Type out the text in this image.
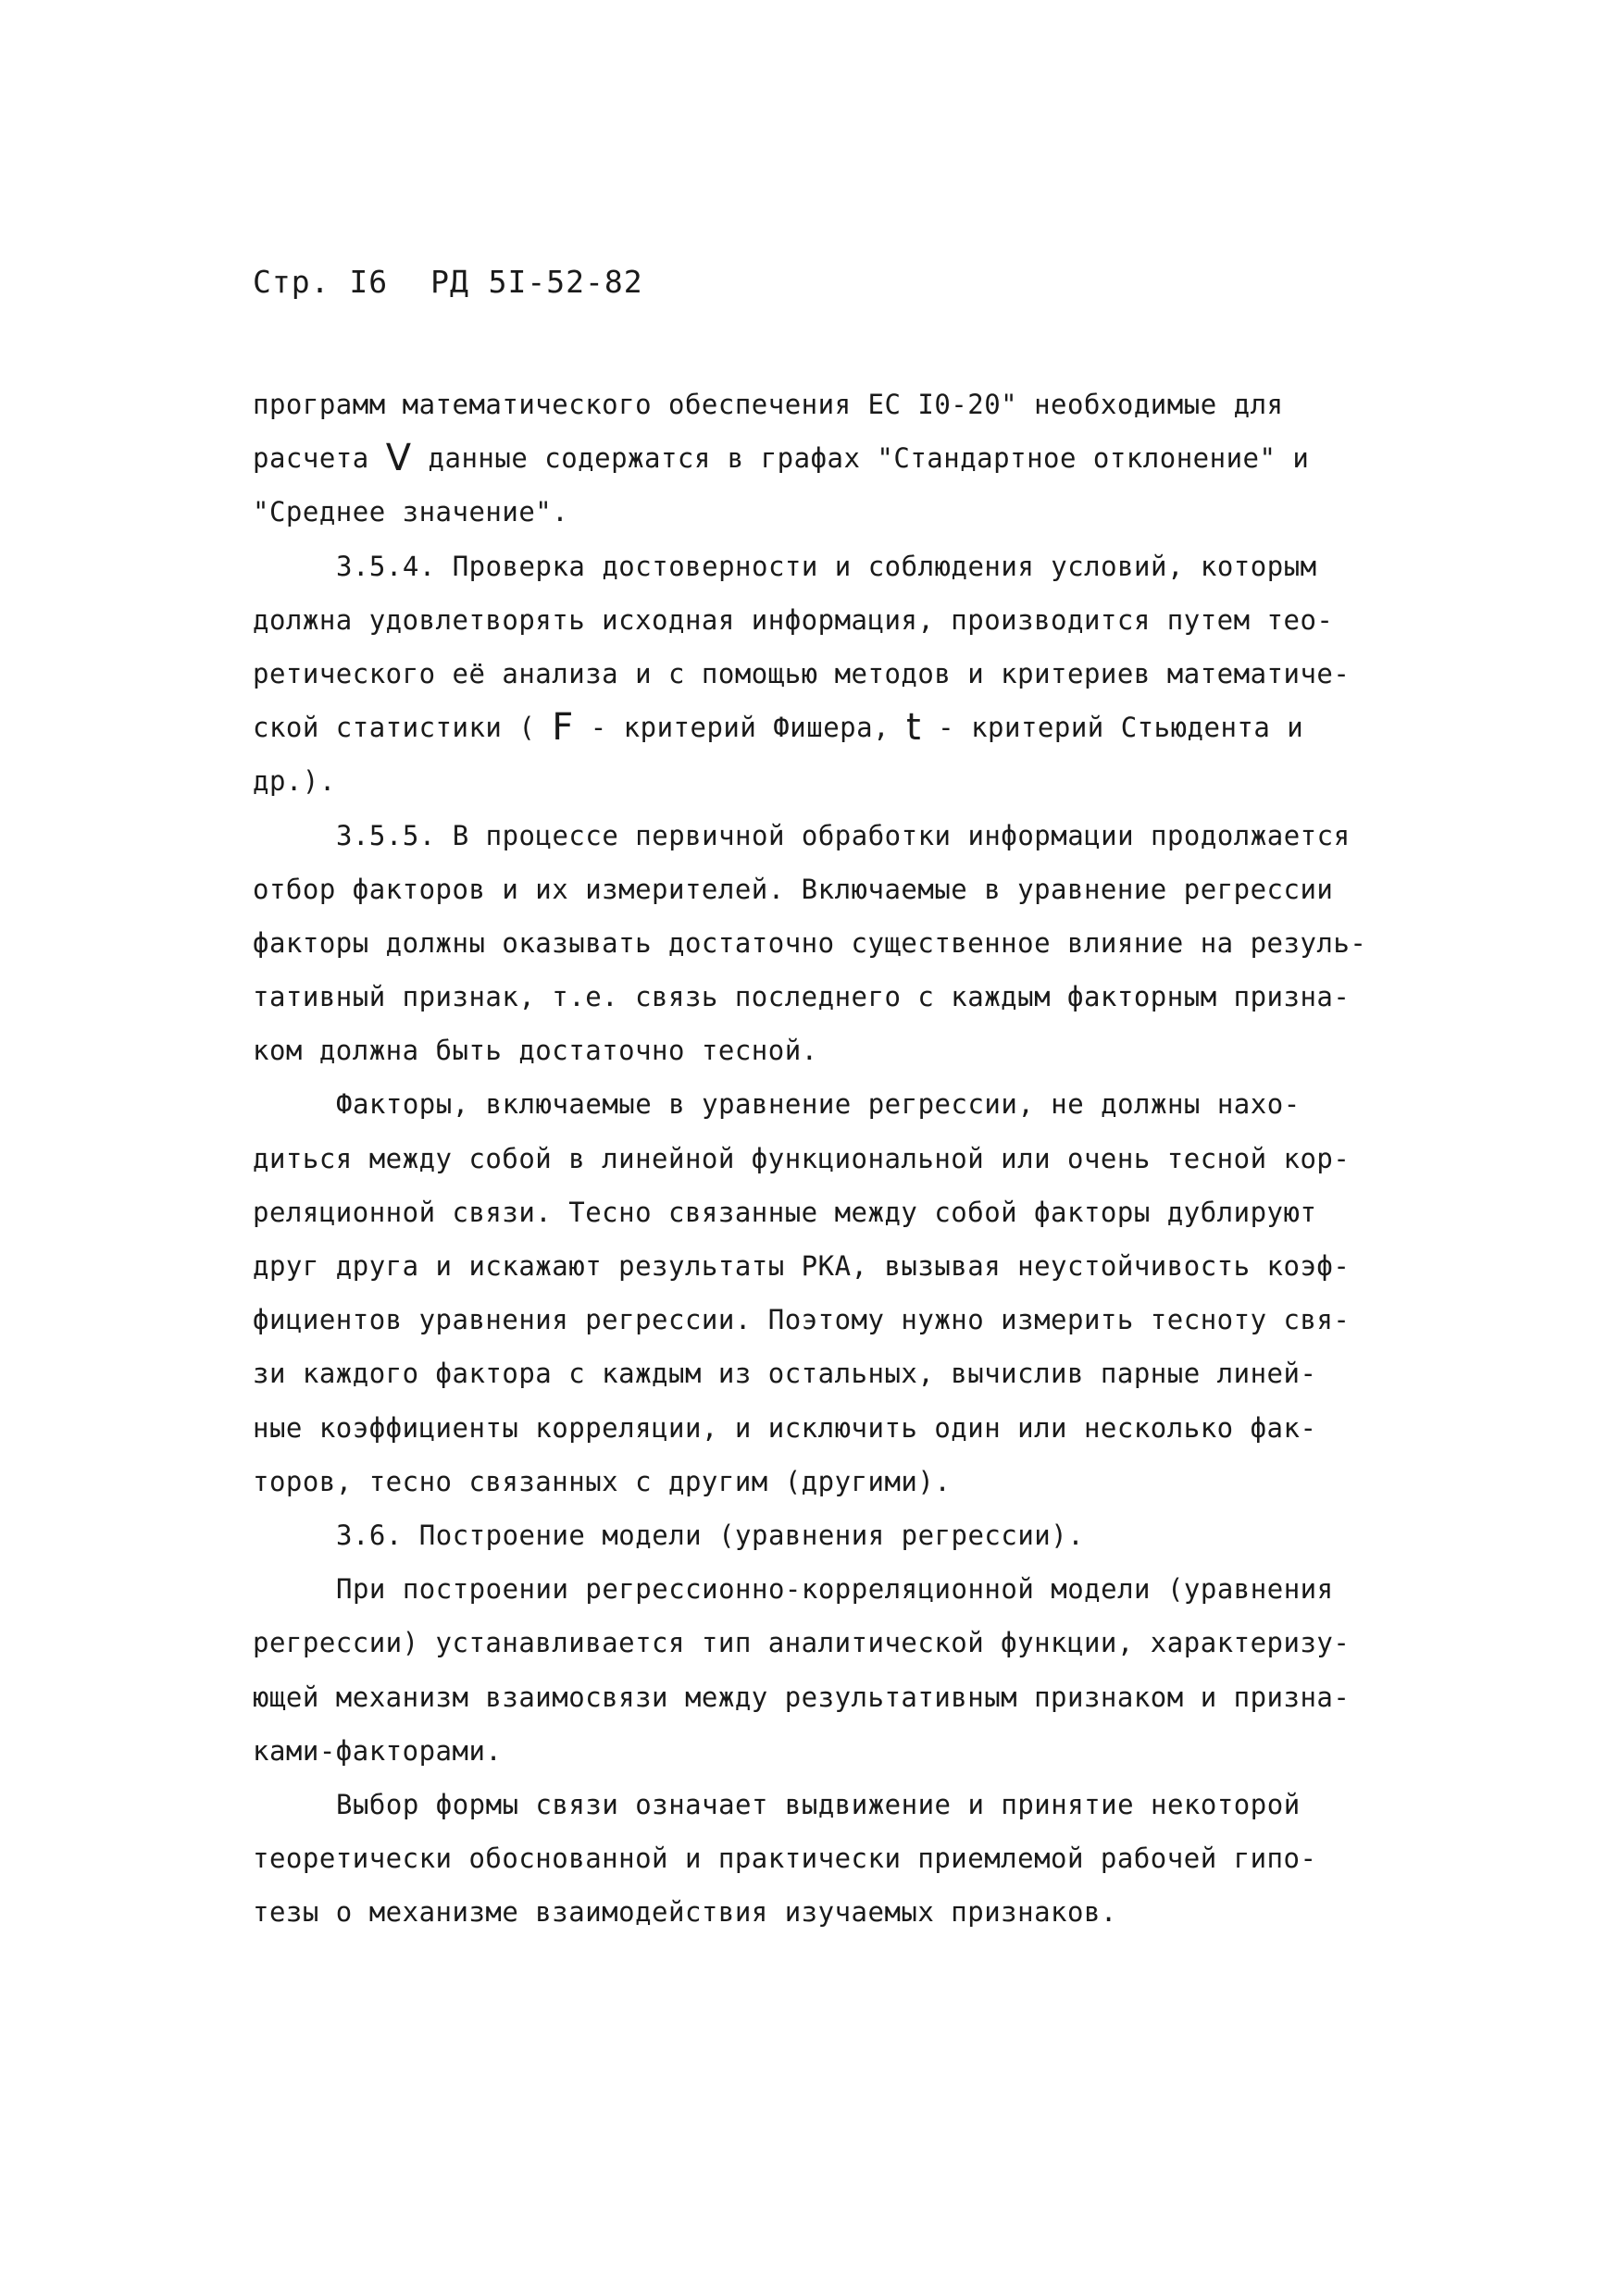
Стр. I6 РД 5I-52-82
программ математического обеспечения ЕС I0-20" необходимые для
расчета V данные содержатся в графах "Стандартное отклонение" и
"Среднее значение".
3.5.4. Проверка достоверности и соблюдения условий, которым
должна удовлетворять исходная информация, производится путем тео-
ретического её анализа и с помощью методов и критериев математиче-
ской статистики ( F - критерий Фишера, t - критерий Стьюдента и
др.).
3.5.5. В процессе первичной обработки информации продолжается
отбор факторов и их измерителей. Включаемые в уравнение регрессии
факторы должны оказывать достаточно существенное влияние на резуль-
тативный признак, т.е. связь последнего с каждым факторным призна-
ком должна быть достаточно тесной.
Факторы, включаемые в уравнение регрессии, не должны нахо-
диться между собой в линейной функциональной или очень тесной кор-
реляционной связи. Тесно связанные между собой факторы дублируют
друг друга и искажают результаты РКА, вызывая неустойчивость коэф-
фициентов уравнения регрессии. Поэтому нужно измерить тесноту свя-
зи каждого фактора с каждым из остальных, вычислив парные линей-
ные коэффициенты корреляции, и исключить один или несколько фак-
торов, тесно связанных с другим (другими).
3.6. Построение модели (уравнения регрессии).
При построении регрессионно-корреляционной модели (уравнения
регрессии) устанавливается тип аналитической функции, характеризу-
ющей механизм взаимосвязи между результативным признаком и призна-
ками-факторами.
Выбор формы связи означает выдвижение и принятие некоторой
теоретически обоснованной и практически приемлемой рабочей гипо-
тезы о механизме взаимодействия изучаемых признаков.
